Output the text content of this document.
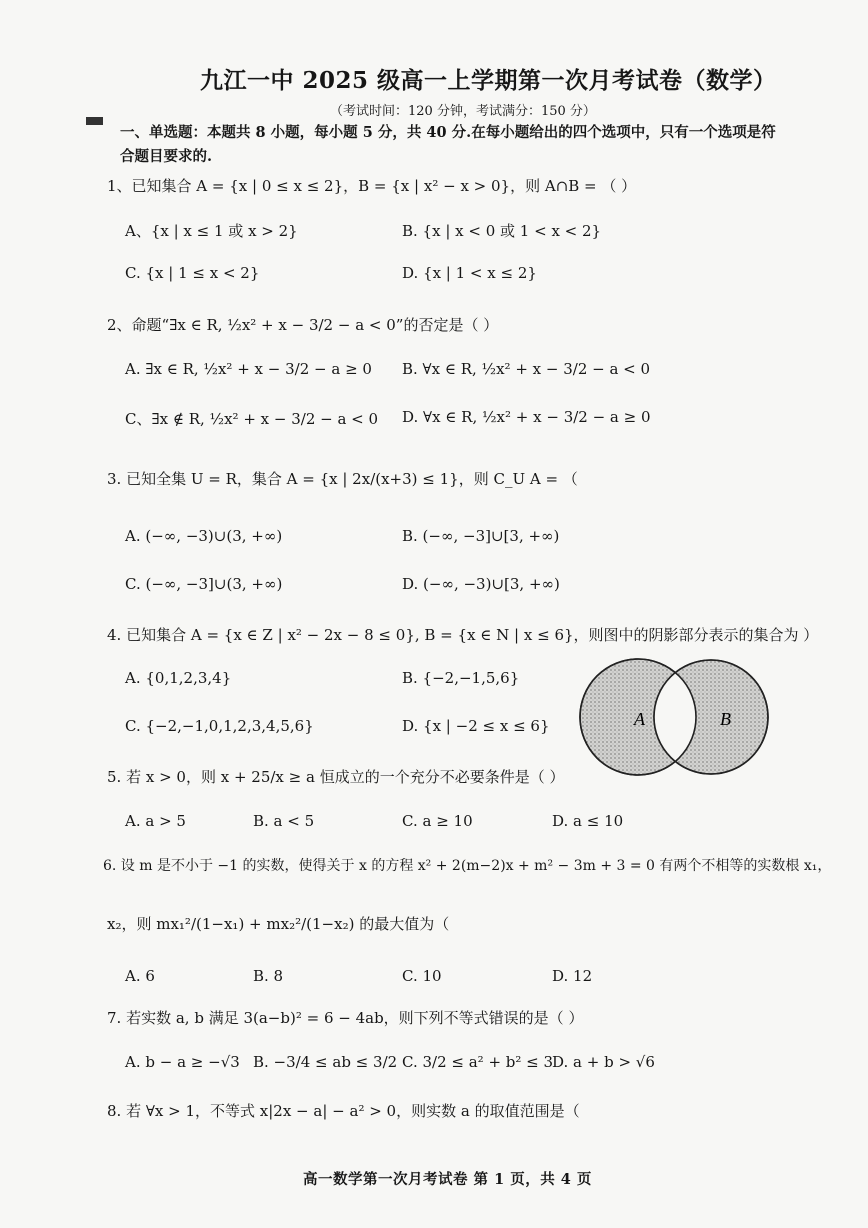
九江一中 2025 级高一上学期第一次月考试卷（数学）
（考试时间：120 分钟，考试满分：150 分）
一、单选题：本题共 8 小题，每小题 5 分，共 40 分.在每小题给出的四个选项中，只有一个选项是符
合题目要求的.
1、已知集合 A = {x | 0 ≤ x ≤ 2}，B = {x | x² − x > 0}，则 A∩B = （ ）
A、{x | x ≤ 1 或 x > 2}	B. {x | x < 0 或 1 < x < 2}
C. {x | 1 ≤ x < 2}	D. {x | 1 < x ≤ 2}
2、命题“∃x ∈ R, ½x² + x − 3/2 − a < 0”的否定是（ ）
A. ∃x ∈ R, ½x² + x − 3/2 − a ≥ 0 B. ∀x ∈ R, ½x² + x − 3/2 − a < 0
C、∃x ∉ R, ½x² + x − 3/2 − a < 0 D. ∀x ∈ R, ½x² + x − 3/2 − a ≥ 0
3. 已知全集 U = R，集合 A = {x | 2x/(x+3) ≤ 1}，则 C_U A = （
A. (−∞, −3)∪(3, +∞)	B. (−∞, −3]∪[3, +∞)
C. (−∞, −3]∪(3, +∞)	D. (−∞, −3)∪[3, +∞)
4. 已知集合 A = {x ∈ Z | x² − 2x − 8 ≤ 0}, B = {x ∈ N | x ≤ 6}，则图中的阴影部分表示的集合为 ）
A. {0,1,2,3,4}	B. {−2,−1,5,6}
C. {−2,−1,0,1,2,3,4,5,6}	D. {x | −2 ≤ x ≤ 6}	A	B
5. 若 x > 0，则 x + 25/x ≥ a 恒成立的一个充分不必要条件是（ ）
A. a > 5	B. a < 5	C. a ≥ 10	D. a ≤ 10
6. 设 m 是不小于 −1 的实数，使得关于 x 的方程 x² + 2(m−2)x + m² − 3m + 3 = 0 有两个不相等的实数根 x₁，
x₂，则 mx₁²/(1−x₁) + mx₂²/(1−x₂) 的最大值为（
A. 6	B. 8	C. 10	D. 12
7. 若实数 a, b 满足 3(a−b)² = 6 − 4ab，则下列不等式错误的是（ ）
A. b − a ≥ −√3 B. −3/4 ≤ ab ≤ 3/2 C. 3/2 ≤ a² + b² ≤ 3
D. a + b > √6
8. 若 ∀x > 1，不等式 x|2x − a| − a² > 0，则实数 a 的取值范围是（
高一数学第一次月考试卷 第 1 页，共 4 页
